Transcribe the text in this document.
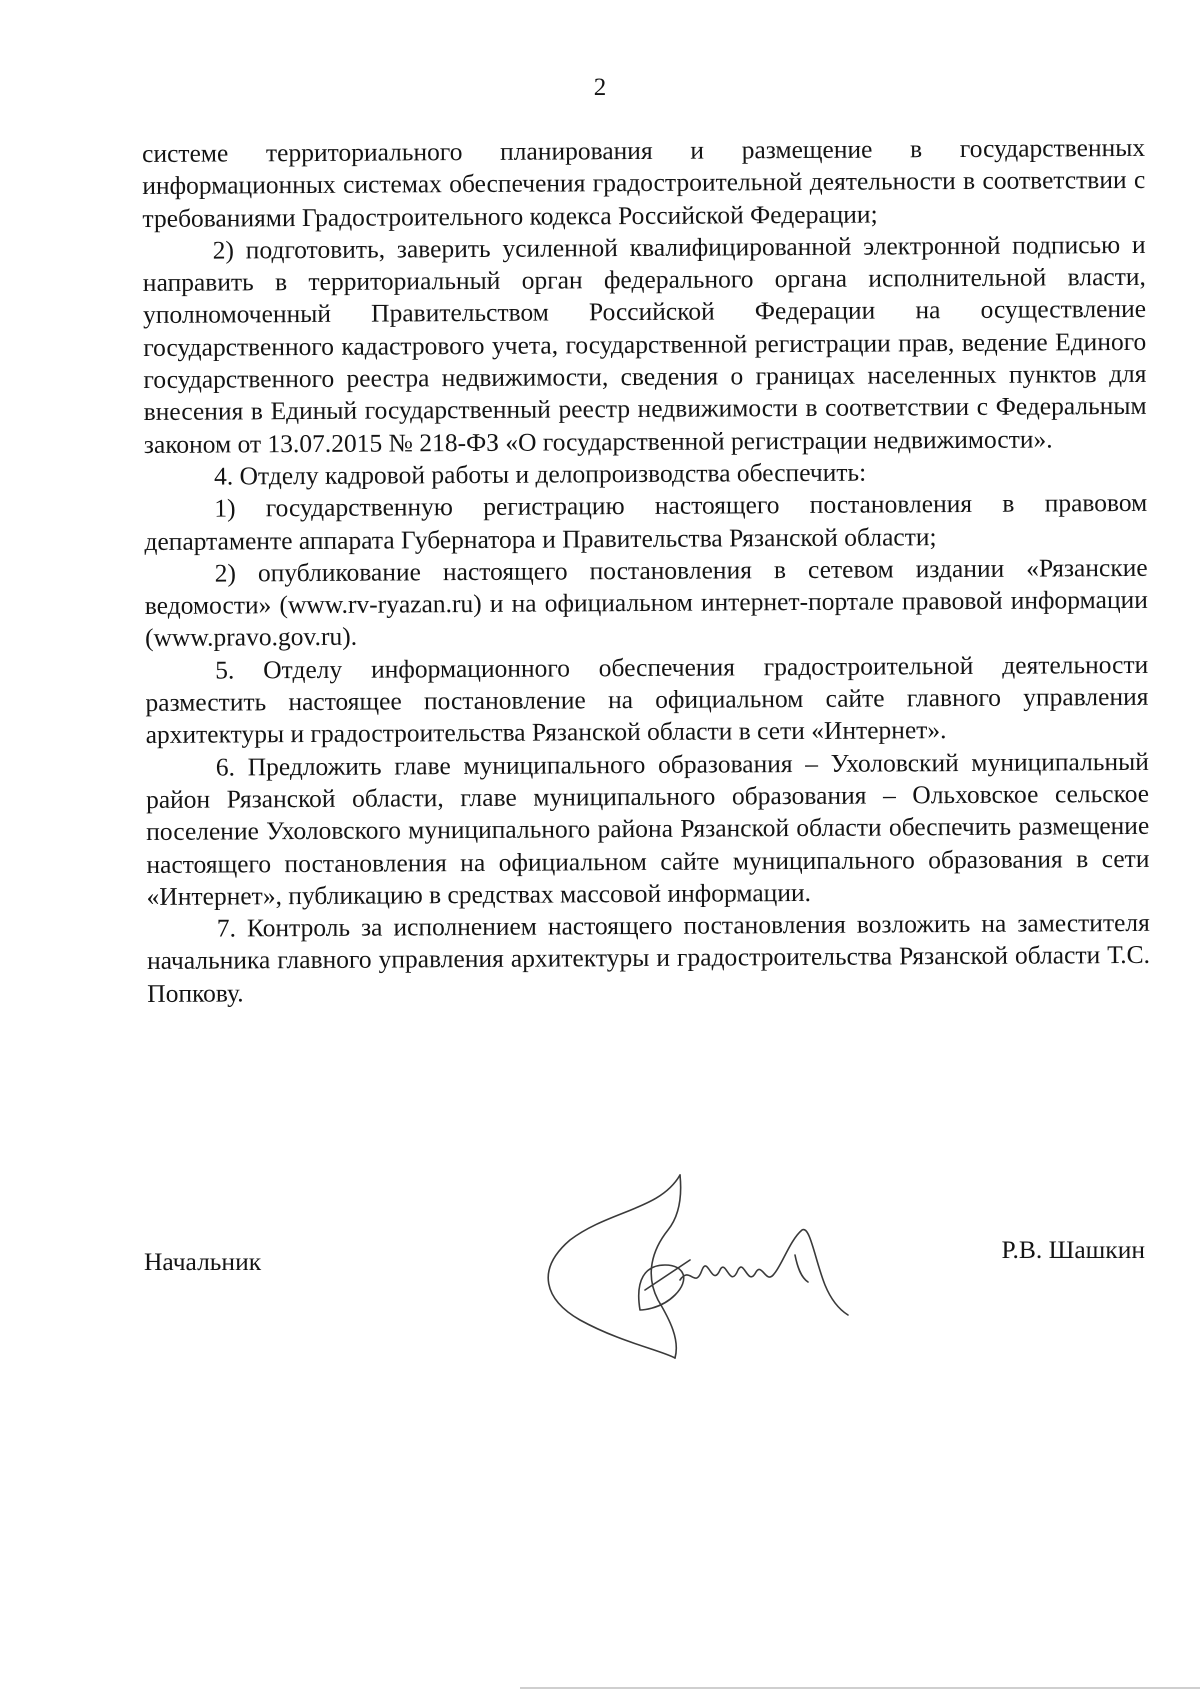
2

системе территориального планирования и размещение в государственных информационных системах обеспечения градостроительной деятельности в соответствии с требованиями Градостроительного кодекса Российской Федерации;

2) подготовить, заверить усиленной квалифицированной электронной подписью и направить в территориальный орган федерального органа исполнительной власти, уполномоченный Правительством Российской Федерации на осуществление государственного кадастрового учета, государственной регистрации прав, ведение Единого государственного реестра недвижимости, сведения о границах населенных пунктов для внесения в Единый государственный реестр недвижимости в соответствии с Федеральным законом от 13.07.2015 № 218-ФЗ «О государственной регистрации недвижимости».

4. Отделу кадровой работы и делопроизводства обеспечить:

1) государственную регистрацию настоящего постановления в правовом департаменте аппарата Губернатора и Правительства Рязанской области;

2) опубликование настоящего постановления в сетевом издании «Рязанские ведомости» (www.rv-ryazan.ru) и на официальном интернет-портале правовой информации (www.pravo.gov.ru).

5. Отделу информационного обеспечения градостроительной деятельности разместить настоящее постановление на официальном сайте главного управления архитектуры и градостроительства Рязанской области в сети «Интернет».

6. Предложить главе муниципального образования – Ухоловский муниципальный район Рязанской области, главе муниципального образования – Ольховское сельское поселение Ухоловского муниципального района Рязанской области обеспечить размещение настоящего постановления на официальном сайте муниципального образования в сети «Интернет», публикацию в средствах массовой информации.

7. Контроль за исполнением настоящего постановления возложить на заместителя начальника главного управления архитектуры и градостроительства Рязанской области Т.С. Попкову.

Начальник	Р.В. Шашкин
